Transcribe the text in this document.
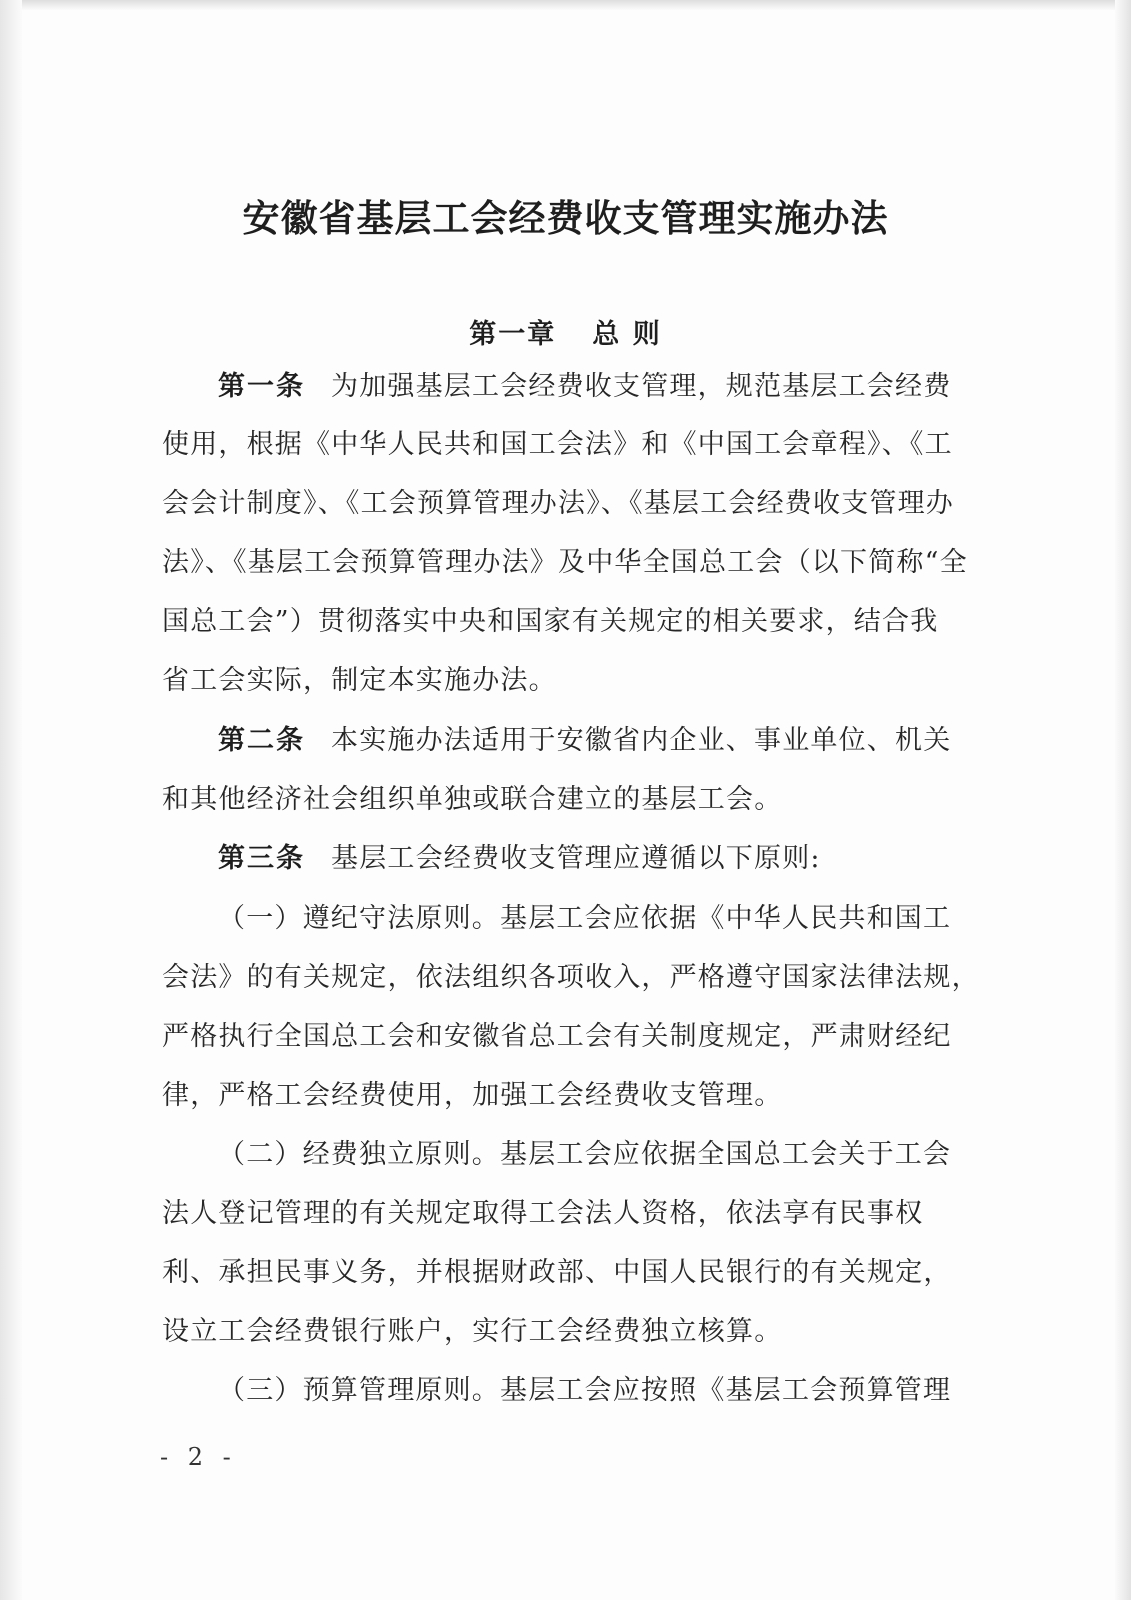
安徽省基层工会经费收支管理实施办法
第一章 总 则
第一条 为加强基层工会经费收支管理，规范基层工会经费
使用，根据《中华人民共和国工会法》和《中国工会章程》、《工
会会计制度》、《工会预算管理办法》、《基层工会经费收支管理办
法》、《基层工会预算管理办法》及中华全国总工会（以下简称“全
国总工会”）贯彻落实中央和国家有关规定的相关要求，结合我
省工会实际，制定本实施办法。
第二条 本实施办法适用于安徽省内企业、事业单位、机关
和其他经济社会组织单独或联合建立的基层工会。
第三条 基层工会经费收支管理应遵循以下原则:
（一）遵纪守法原则。基层工会应依据《中华人民共和国工
会法》的有关规定，依法组织各项收入，严格遵守国家法律法规，
严格执行全国总工会和安徽省总工会有关制度规定，严肃财经纪
律，严格工会经费使用，加强工会经费收支管理。
（二）经费独立原则。基层工会应依据全国总工会关于工会
法人登记管理的有关规定取得工会法人资格，依法享有民事权
利、承担民事义务，并根据财政部、中国人民银行的有关规定，
设立工会经费银行账户，实行工会经费独立核算。
（三）预算管理原则。基层工会应按照《基层工会预算管理
- 2 -
